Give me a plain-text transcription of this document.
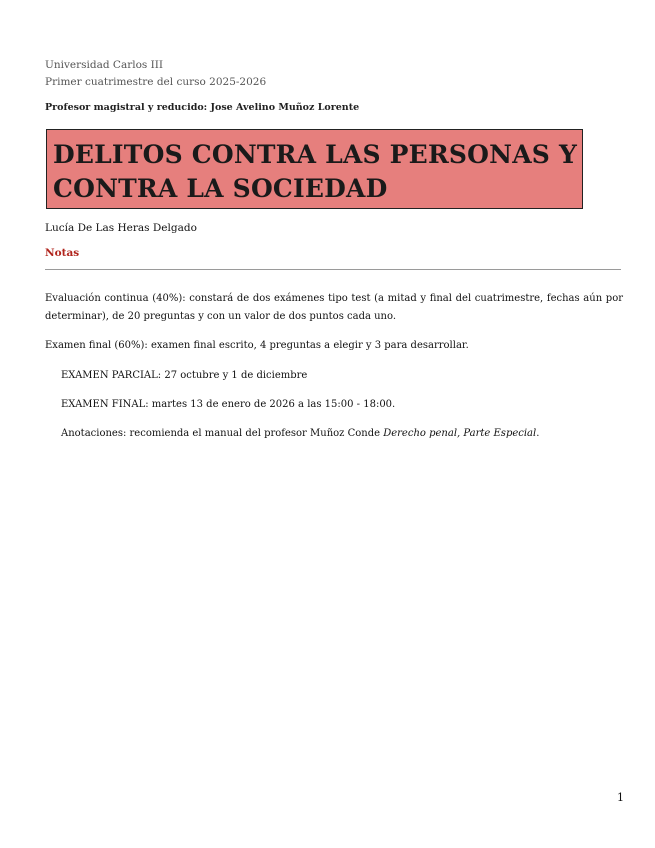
Universidad Carlos III
Primer cuatrimestre del curso 2025-2026
Profesor magistral y reducido: Jose Avelino Muñoz Lorente
DELITOS CONTRA LAS PERSONAS Y
CONTRA LA SOCIEDAD
Lucía De Las Heras Delgado
Notas
Evaluación continua (40%): constará de dos exámenes tipo test (a mitad y final del cuatrimestre, fechas aún por determinar), de 20 preguntas y con un valor de dos puntos cada uno.
Examen final (60%): examen final escrito, 4 preguntas a elegir y 3 para desarrollar.
EXAMEN PARCIAL: 27 octubre y 1 de diciembre
EXAMEN FINAL: martes 13 de enero de 2026 a las 15:00 - 18:00.
Anotaciones: recomienda el manual del profesor Muñoz Conde Derecho penal, Parte Especial.
1
